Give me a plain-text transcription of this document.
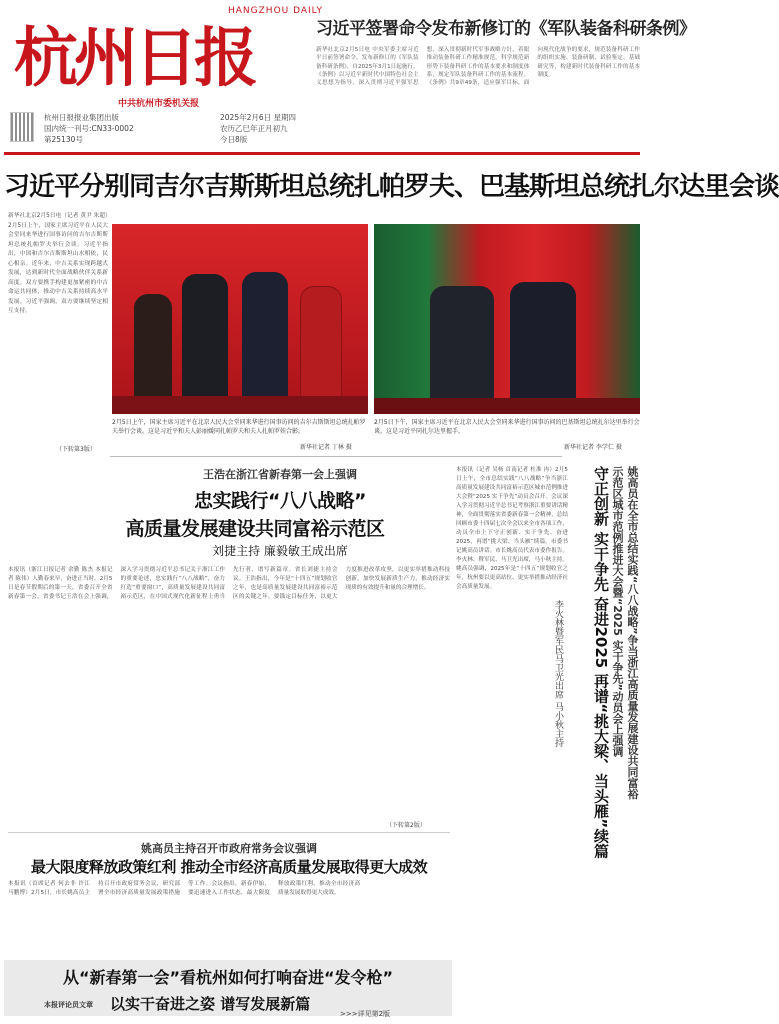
杭州日报
HANGZHOU DAILY
中共杭州市委机关报
杭州日报报业集团出版
国内统一刊号:CN33-0002
第25130号
2025年2月6日 星期四
农历乙巳年正月初九
今日8版
习近平签署命令发布新修订的《军队装备科研条例》
新华社北京2月5日电 中央军委主席习近平日前签署命令，发布新修订的《军队装备科研条例》，自2025年3月1日起施行。《条例》以习近平新时代中国特色社会主义思想为指导，深入贯彻习近平强军思想，深入贯彻新时代军事战略方针，着眼推动装备科研工作精准规范，科学规范新形势下装备科研工作的基本要求和制度体系，规定军队装备科研工作的基本流程。《条例》共9章49条，适应强军目标，面向现代化战争的要求，规范装备科研工作的组织实施、装备研制、试验鉴定、基础研究等，构建新时代装备科研工作的基本制度。
习近平分别同吉尔吉斯斯坦总统扎帕罗夫、巴基斯坦总统扎尔达里会谈
新华社北京2月5日电（记者 黄尹 朱超）2月5日上午，国家主席习近平在人民大会堂同来华进行国事访问的吉尔吉斯斯坦总统扎帕罗夫举行会谈。习近平指出，中国和吉尔吉斯斯坦山水相依，民心相亲。近年来，中吉关系实现跨越式发展，达到新时代全面战略伙伴关系新高度。双方要携手构建更加紧密的中吉命运共同体，推动中吉关系持续高水平发展。习近平强调，双方要继续坚定相互支持。
（下转第3版）
2月5日上午，国家主席习近平在北京人民大会堂同来华进行国事访问的吉尔吉斯斯坦总统扎帕罗夫举行会谈。这是习近平和夫人彭丽媛同扎帕罗夫和夫人扎帕罗娃合影。
新华社记者 丁林 摄
2月5日下午，国家主席习近平在北京人民大会堂同来华进行国事访问的巴基斯坦总统扎尔达里举行会谈。这是习近平同扎尔达里握手。
新华社记者 李学仁 摄
王浩在浙江省新春第一会上强调
忠实践行“八八战略”
高质量发展建设共同富裕示范区
刘捷主持 廉毅敏王成出席
本报讯（浙江日报记者 余勤 陈杰 本报记者 陈伟）人勤春来早，奋进正当时。2月5日是春节假期后的第一天，省委召开全省新春第一会。省委书记王浩在会上强调，深入学习贯彻习近平总书记关于浙江工作的重要论述，忠实践行“八八战略”，奋力打造“重要窗口”，高质量发展建设共同富裕示范区，在中国式现代化新征程上勇当先行者、谱写新篇章。省长刘捷主持会议。王浩指出，今年是“十四五”规划收官之年，也是高质量发展建设共同富裕示范区的关键之年。要锚定目标任务，以更大力度推进改革攻坚，以更实举措推动科技创新，加快发展新质生产力，推动经济实现质的有效提升和量的合理增长。
（下转第2版）
姚高员主持召开市政府常务会议强调
最大限度释放政策红利 推动全市经济高质量发展取得更大成效
本报讯（首席记者 何去非 许江 马鹏博）2月5日，市长姚高员主持召开市政府常务会议，研究部署全市经济高质量发展政策措施等工作。会议指出，新春伊始，要迅速进入工作状态，最大限度释放政策红利，推动全市经济高质量发展取得更大成效。
本报讯（记者 吴杨 首南记者 杜准 冉）2月5日上午，全市总结实践“八八战略”争当浙江高质量发展建设共同富裕示范区城市范例推进大会暨“2025 实干争先”动员会召开。会议深入学习贯彻习近平总书记考察浙江重要讲话精神，全面贯彻落实省委新春第一会精神，总结回顾市委十四届七次全会以来全市各项工作，动员全市上下守正创新、实干争先、奋进2025，再谱“挑大梁、当头雁”续篇。市委书记姚高员讲话。市长姚高员代表市委作报告。李火林、暨军民、马卫光出席，马小秋主持。姚高员强调，2025年是“十四五”规划收官之年，杭州要以更高站位、更实举措推动经济社会高质量发展。	姚高员在全市总结实践“八八战略”争当浙江高质量发展建设共同富裕
示范区城市范例推进大会暨“2025 实干争先”动员会上强调
守正创新 实干争先 奋进2025 再谱“挑大梁、当头雁”续篇
李火林暨军民马卫光出席 马小秋主持
从“新春第一会”看杭州如何打响奋进“发令枪”
本报评论员文章 以实干奋进之姿 谱写发展新篇
>>>详见第2版
